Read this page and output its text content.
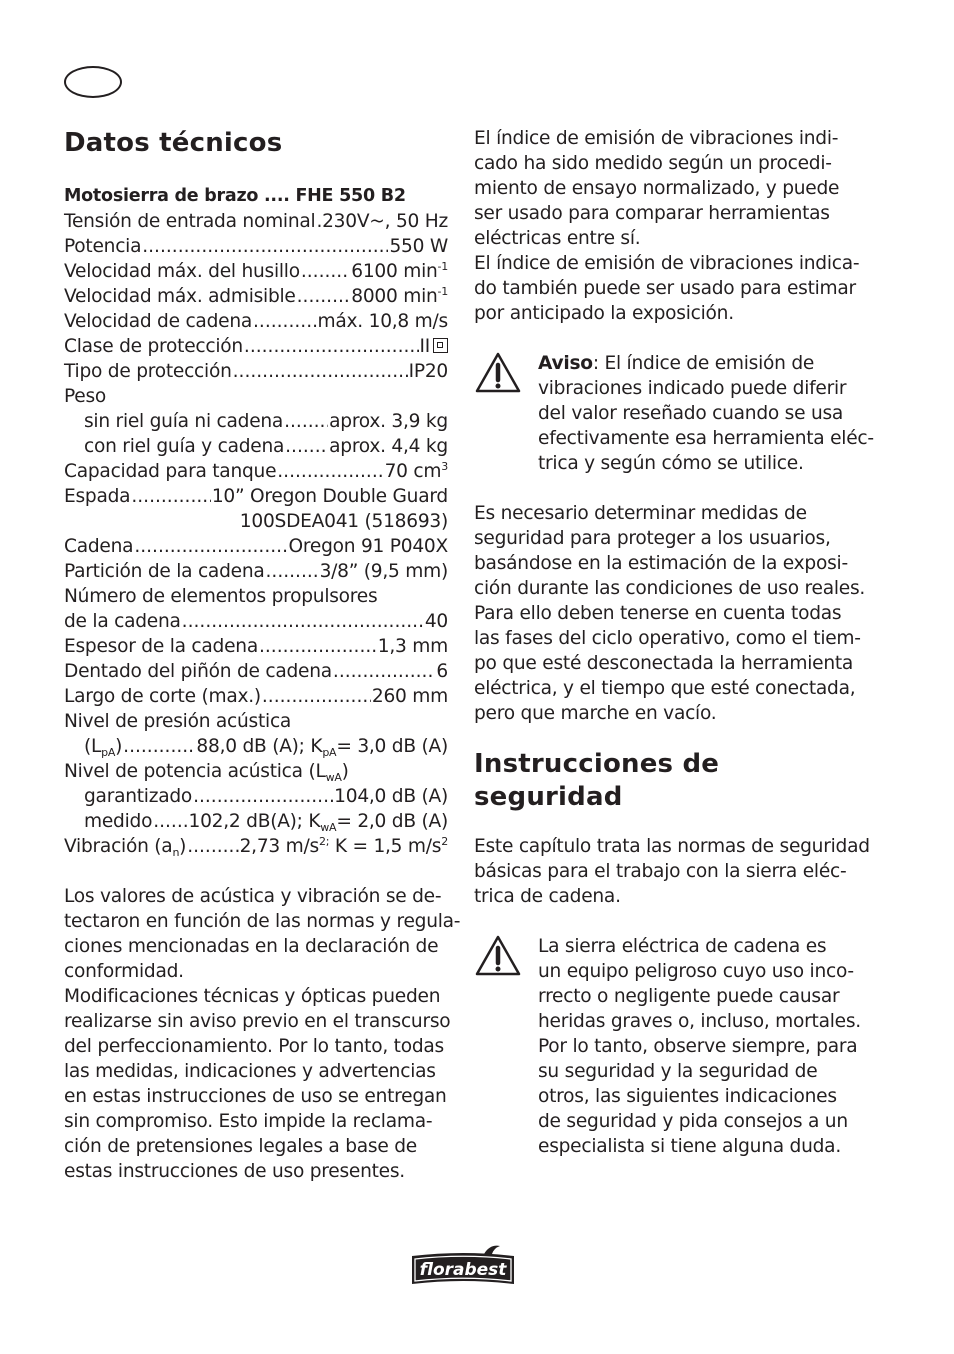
Datos técnicos
Motosierra de brazo .... FHE 550 B2
Tensión de entrada nominal ..... 230V~, 50 Hz
Potencia .....	550 W
Velocidad máx. del husillo .....	6100 $\min^{-1}$
Velocidad máx. admisible .....	8000 $\min^{-1}$
Velocidad de cadena .....	máx. 10,8 m/s
Clase de protección .....	II
Tipo de protección .....	IP20
Peso
sin riel guía ni cadena ..... aprox. 3,9 kg
con riel guía y cadena ..... aprox. 4,4 kg
Capacidad para tanque .....	70 $cm^3$
Espada .....	10” Oregon Double Guard
100SDEA041 (518693)
Cadena .....	Oregon 91 P040X
Partición de la cadena .....	3/8” (9,5 mm)
Número de elementos propulsores
de la cadena .....	40
Espesor de la cadena .....	1,3 mm
Dentado del piñón de cadena .....	6
Largo de corte (max.) .....	260 mm
Nivel de presión acústica
$(L_{pA})$ .....	88,0 dB (A); $K_{pA}= 3,0$ dB (A)
Nivel de potencia acústica $(L_{wA})$
garantizado .....	104,0 dB (A)
medido ..... 102,2 dB(A); $K_{wA}= 2,0$ dB (A)
Vibración $(a_n)$ .....	2,73 $m/s^{2;}$ K = 1,5 $m/s^2$
Los valores de acústica y vibración se de-
tectaron en función de las normas y regula-
ciones mencionadas en la declaración de
conformidad.
Modificaciones técnicas y ópticas pueden
realizarse sin aviso previo en el transcurso
del perfeccionamiento. Por lo tanto, todas
las medidas, indicaciones y advertencias
en estas instrucciones de uso se entregan
sin compromiso. Esto impide la reclama-
ción de pretensiones legales a base de
estas instrucciones de uso presentes.
El índice de emisión de vibraciones indi-
cado ha sido medido según un procedi-
miento de ensayo normalizado, y puede
ser usado para comparar herramientas
eléctricas entre sí.
El índice de emisión de vibraciones indica-
do también puede ser usado para estimar
por anticipado la exposición.
Aviso: El índice de emisión de
vibraciones indicado puede diferir
del valor reseñado cuando se usa
efectivamente esa herramienta eléc-
trica y según cómo se utilice.
Es necesario determinar medidas de
seguridad para proteger a los usuarios,
basándose en la estimación de la exposi-
ción durante las condiciones de uso reales.
Para ello deben tenerse en cuenta todas
las fases del ciclo operativo, como el tiem-
po que esté desconectada la herramienta
eléctrica, y el tiempo que esté conectada,
pero que marche en vacío.
Instrucciones de
seguridad
Este capítulo trata las normas de seguridad
básicas para el trabajo con la sierra eléc-
trica de cadena.
La sierra eléctrica de cadena es
un equipo peligroso cuyo uso inco-
rrecto o negligente puede causar
heridas graves o, incluso, mortales.
Por lo tanto, observe siempre, para
su seguridad y la seguridad de
otros, las siguientes indicaciones
de seguridad y pida consejos a un
especialista si tiene alguna duda.
florabest
